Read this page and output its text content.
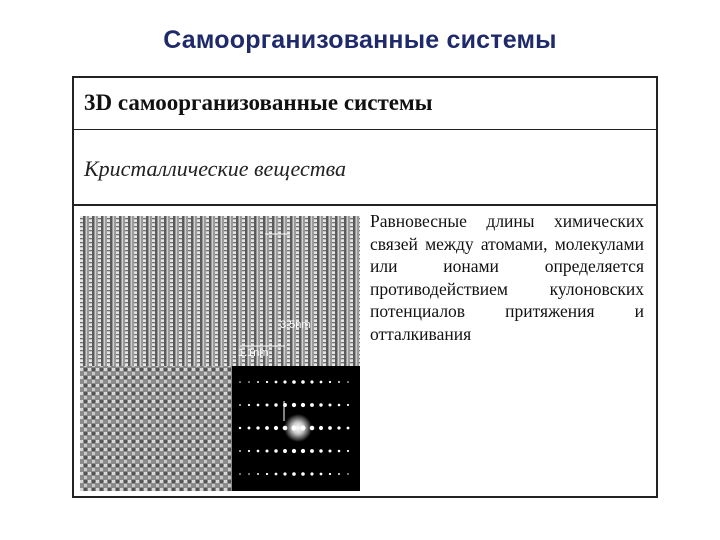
Самоорганизованные системы
3D самоорганизованные системы
Кристаллические вещества
3.5nm
1.1nm
Равновесные длины химических связей между атомами, молекулами или ионами определяется противодействием кулоновских потенциалов притяжения и отталкивания
